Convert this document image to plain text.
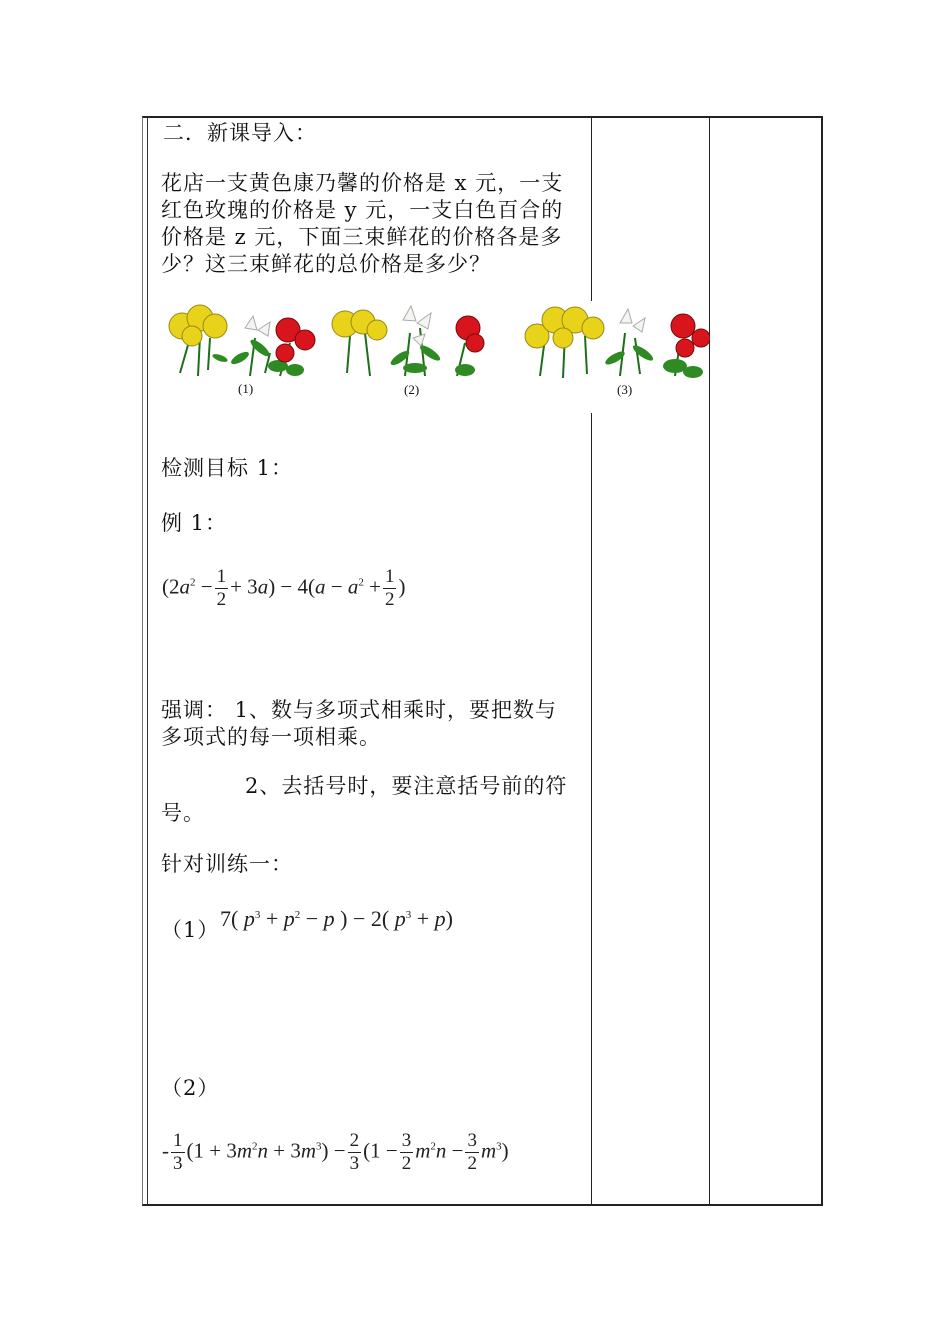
二．新课导入：
花店一支黄色康乃馨的价格是 x 元，一支
红色玫瑰的价格是 y 元，一支白色百合的
价格是 z 元，下面三束鲜花的价格各是多
少？这三束鲜花的总价格是多少？
(1)	(2)	(3)
检测目标 1：
例 1：
$(2a^2 - \frac{1}{2} + 3a) - 4(a - a^2 + \frac{1}{2}$ )
强调： 1、数与多项式相乘时，要把数与
多项式的每一项相乘。
2、去括号时，要注意括号前的符
号。
针对训练一：
（1） 7( $p^3 + p^2 - p$ ) − 2( $p^3 + p$)
（2）
- $\frac{1}{3} (1 + 3m^2n + 3m^3) - \frac{2}{3} (1 - \frac{3}{2} m^2n - \frac{3}{2} m^3)$
